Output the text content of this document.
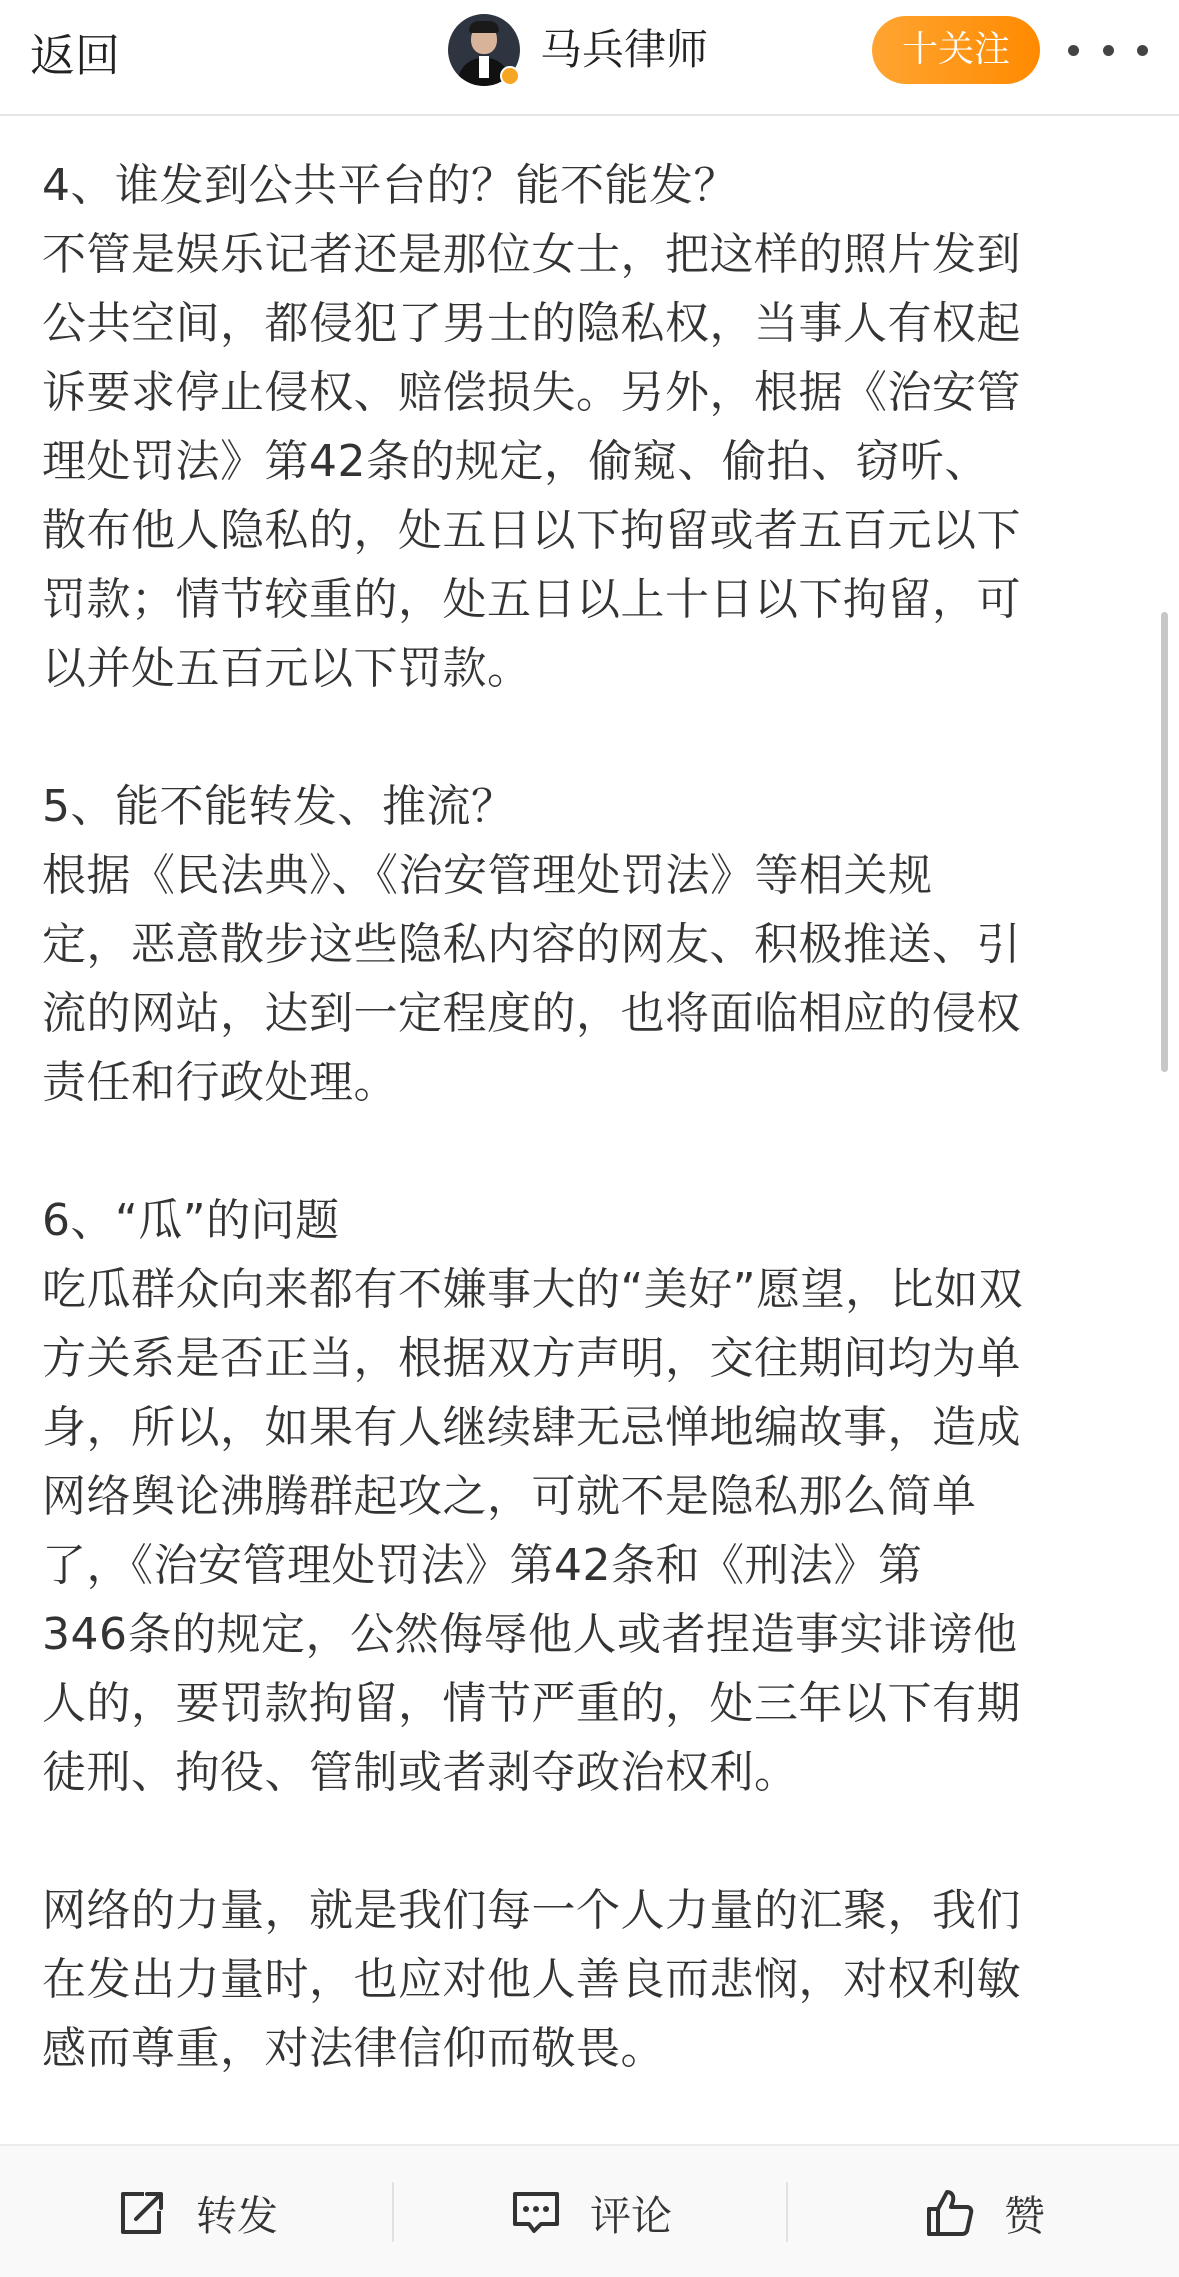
返回	马兵律师	十关注
4、谁发到公共平台的？能不能发？
不管是娱乐记者还是那位女士，把这样的照片发到
公共空间，都侵犯了男士的隐私权，当事人有权起
诉要求停止侵权、赔偿损失。另外，根据《治安管
理处罚法》第42条的规定，偷窥、偷拍、窃听、
散布他人隐私的，处五日以下拘留或者五百元以下
罚款；情节较重的，处五日以上十日以下拘留，可
以并处五百元以下罚款。
5、能不能转发、推流？
根据《民法典》、《治安管理处罚法》等相关规
定，恶意散步这些隐私内容的网友、积极推送、引
流的网站，达到一定程度的，也将面临相应的侵权
责任和行政处理。
6、“瓜”的问题
吃瓜群众向来都有不嫌事大的“美好”愿望，比如双
方关系是否正当，根据双方声明，交往期间均为单
身，所以，如果有人继续肆无忌惮地编故事，造成
网络舆论沸腾群起攻之，可就不是隐私那么简单
了，《治安管理处罚法》第42条和《刑法》第
346条的规定，公然侮辱他人或者捏造事实诽谤他
人的，要罚款拘留，情节严重的，处三年以下有期
徒刑、拘役、管制或者剥夺政治权利。
网络的力量，就是我们每一个人力量的汇聚，我们
在发出力量时，也应对他人善良而悲悯，对权利敏
感而尊重，对法律信仰而敬畏。
转发	评论	赞
